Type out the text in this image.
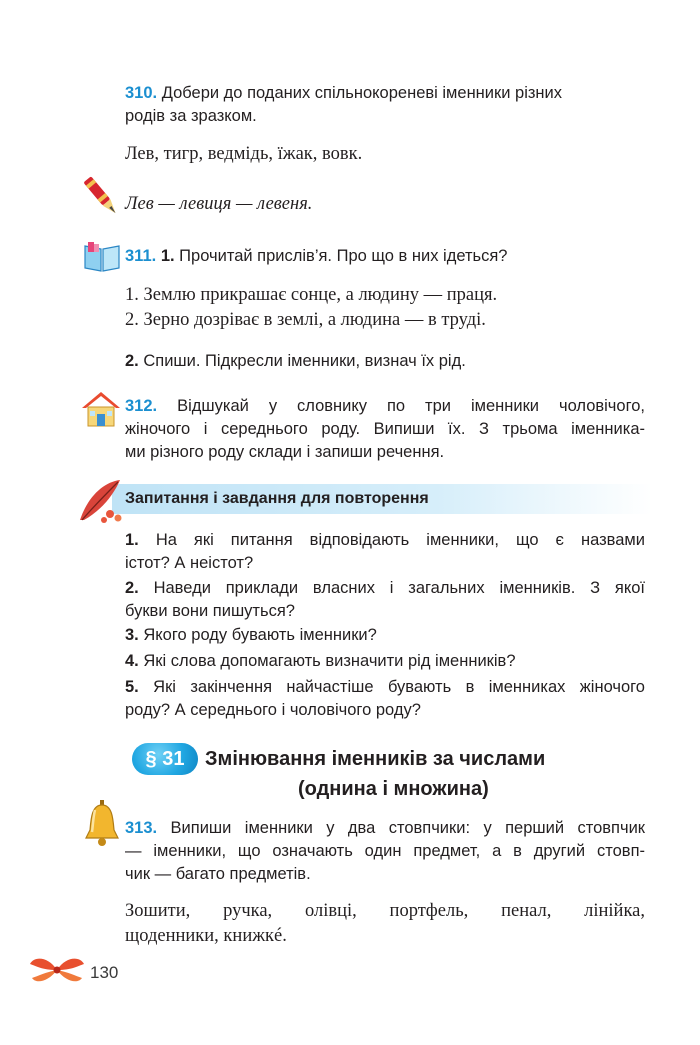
310. Добери до поданих спільнокореневі іменники різних
родів за зразком.
Лев, тигр, ведмідь, їжак, вовк.
Лев — левиця — левеня.
311. 1. Прочитай прислів’я. Про що в них ідеться?
1. Землю прикрашає сонце, а людину — праця.
2. Зерно дозріває в землі, а людина — в труді.
2. Спиши. Підкресли іменники, визнач їх рід.
312. Відшукай у словнику по три іменники чоловічого,
жіночого і середнього роду. Випиши їх. З трьома іменника-
ми різного роду склади і запиши речення.
Запитання і завдання для повторення
1. На які питання відповідають іменники, що є назвами
істот? А неістот?
2. Наведи приклади власних і загальних іменників. З якої
букви вони пишуться?
3. Якого роду бувають іменники?
4. Які слова допомагають визначити рід іменників?
5. Які закінчення найчастіше бувають в іменниках жіночого
роду? А середнього і чоловічого роду?
§ 31	Змінювання іменників за числами
(однина і множина)
313. Випиши іменники у два стовпчики: у перший стовпчик
— іменники, що означають один предмет, а в другий стовп-
чик — багато предметів.
Зошити, ручка, олівці, портфель, пенал, лінійка,
щоденники, книжкé.
130
